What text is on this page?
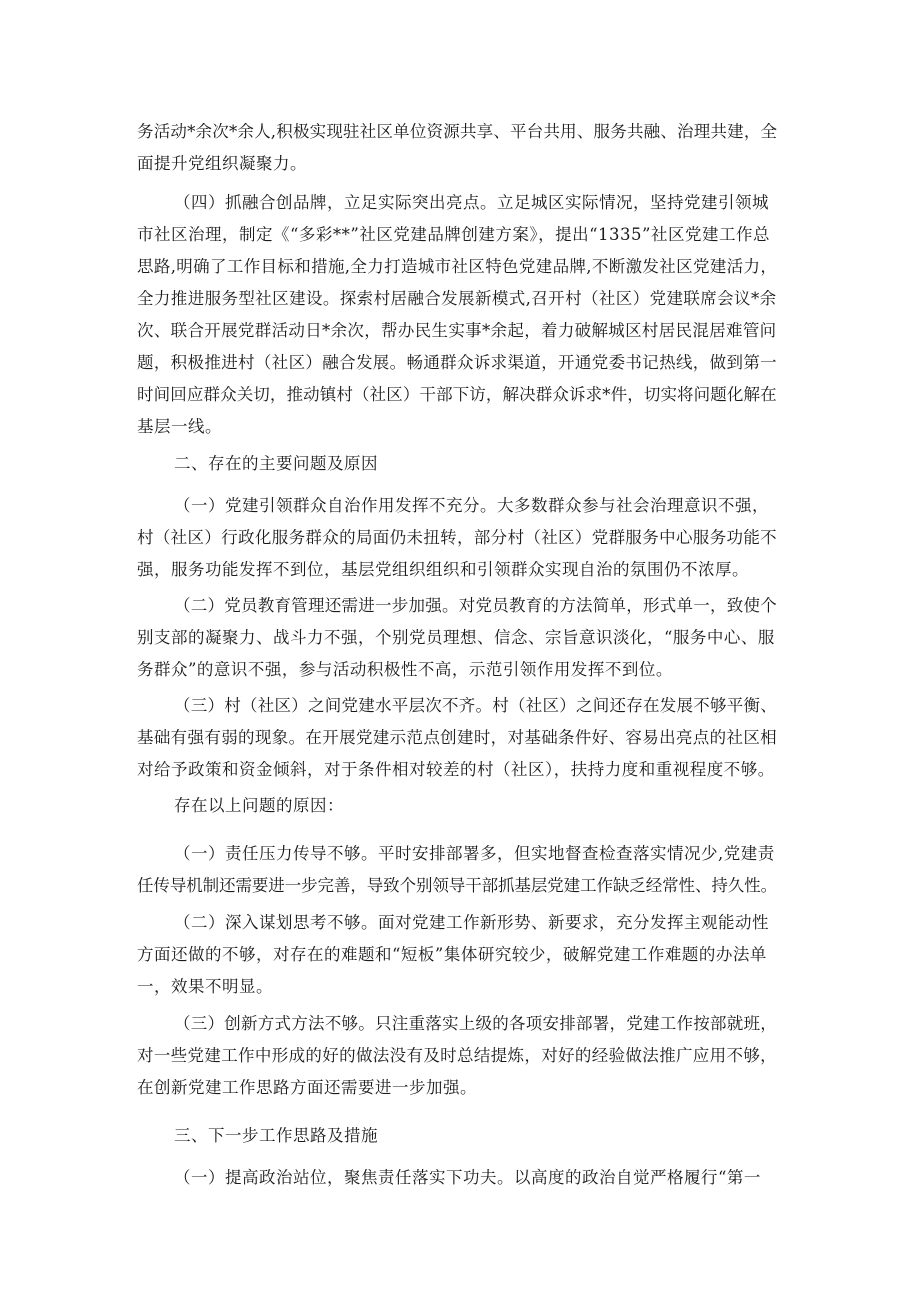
务活动*余次*余人,积极实现驻社区单位资源共享、平台共用、服务共融、治理共建，全
面提升党组织凝聚力。
（四）抓融合创品牌，立足实际突出亮点。立足城区实际情况，坚持党建引领城
市社区治理，制定《“多彩**”社区党建品牌创建方案》，提出“1335”社区党建工作总
思路,明确了工作目标和措施,全力打造城市社区特色党建品牌,不断激发社区党建活力，
全力推进服务型社区建设。探索村居融合发展新模式,召开村（社区）党建联席会议*余
次、联合开展党群活动日*余次，帮办民生实事*余起，着力破解城区村居民混居难管问
题，积极推进村（社区）融合发展。畅通群众诉求渠道，开通党委书记热线，做到第一
时间回应群众关切，推动镇村（社区）干部下访，解决群众诉求*件，切实将问题化解在
基层一线。
二、存在的主要问题及原因
（一）党建引领群众自治作用发挥不充分。大多数群众参与社会治理意识不强，
村（社区）行政化服务群众的局面仍未扭转，部分村（社区）党群服务中心服务功能不
强，服务功能发挥不到位，基层党组织组织和引领群众实现自治的氛围仍不浓厚。
（二）党员教育管理还需进一步加强。对党员教育的方法简单，形式单一，致使个
别支部的凝聚力、战斗力不强，个别党员理想、信念、宗旨意识淡化，“服务中心、服
务群众”的意识不强，参与活动积极性不高，示范引领作用发挥不到位。
（三）村（社区）之间党建水平层次不齐。村（社区）之间还存在发展不够平衡、
基础有强有弱的现象。在开展党建示范点创建时，对基础条件好、容易出亮点的社区相
对给予政策和资金倾斜，对于条件相对较差的村（社区），扶持力度和重视程度不够。
存在以上问题的原因：
（一）责任压力传导不够。平时安排部署多，但实地督查检查落实情况少,党建责
任传导机制还需要进一步完善，导致个别领导干部抓基层党建工作缺乏经常性、持久性。
（二）深入谋划思考不够。面对党建工作新形势、新要求，充分发挥主观能动性
方面还做的不够，对存在的难题和“短板”集体研究较少，破解党建工作难题的办法单
一，效果不明显。
（三）创新方式方法不够。只注重落实上级的各项安排部署，党建工作按部就班，
对一些党建工作中形成的好的做法没有及时总结提炼，对好的经验做法推广应用不够，
在创新党建工作思路方面还需要进一步加强。
三、下一步工作思路及措施
（一）提高政治站位，聚焦责任落实下功夫。以高度的政治自觉严格履行“第一
